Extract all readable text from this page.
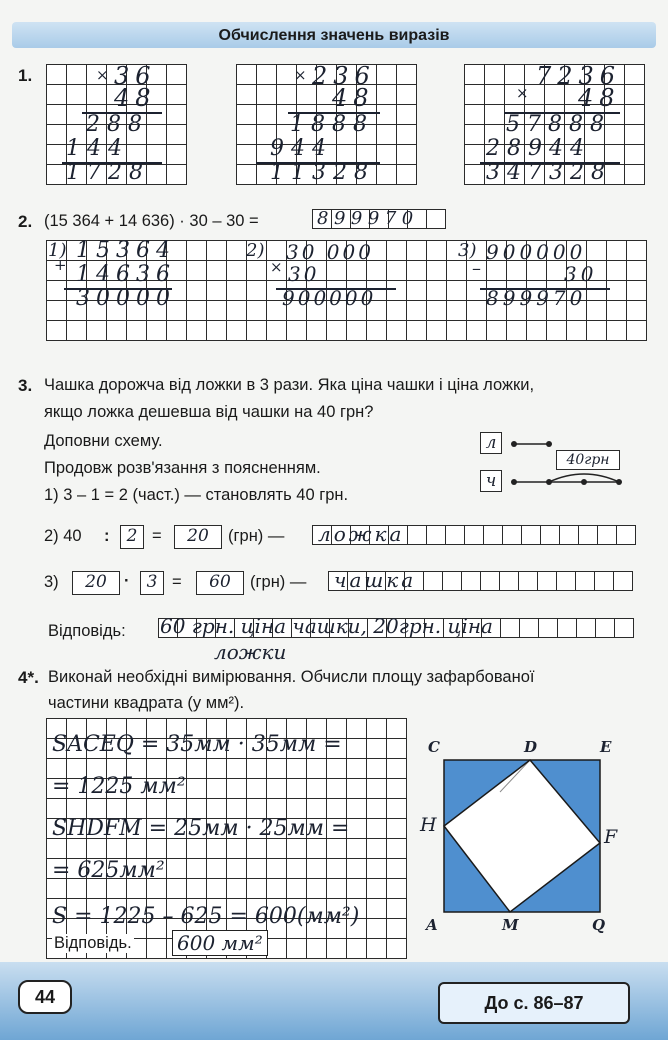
Обчислення значень виразів
1.	× 36
48
288
144
1728
× 236
48
1888
944
11328
×
7236
48
57888
28944
347328
2. (15 364 + 14 636) · 30 – 30 =	899970
1)
+
15364
14636
30000
2)
×
30 000
30
900000
3)
–
900000
30
899970
3. Чашка дорожча від ложки в 3 рази. Яка ціна чашки і ціна ложки,
якщо ложка дешевша від чашки на 40 грн?
Доповни схему.
Продовж розв'язання з поясненням.
1) 3 – 1 = 2 (част.) — становлять 40 грн.
л
ч
40грн
2) 40 :	2 =	20	(грн) — ложка
3)	20	·	3 =	60	(грн) — чашка
Відповідь: 60 грн. ціна чашки, 20грн. ціна
ложки
4*. Виконай необхідні вимірювання. Обчисли площу зафарбованої
частини квадрата (у мм²).
SACEQ = 35мм · 35мм =
= 1225 мм²
SHDFM = 25мм · 25мм =
= 625мм²
S = 1225 – 625 = 600(мм²)
Відповідь. 600 мм²
C	D	E
H
F
A	M	Q
44	До с. 86–87
